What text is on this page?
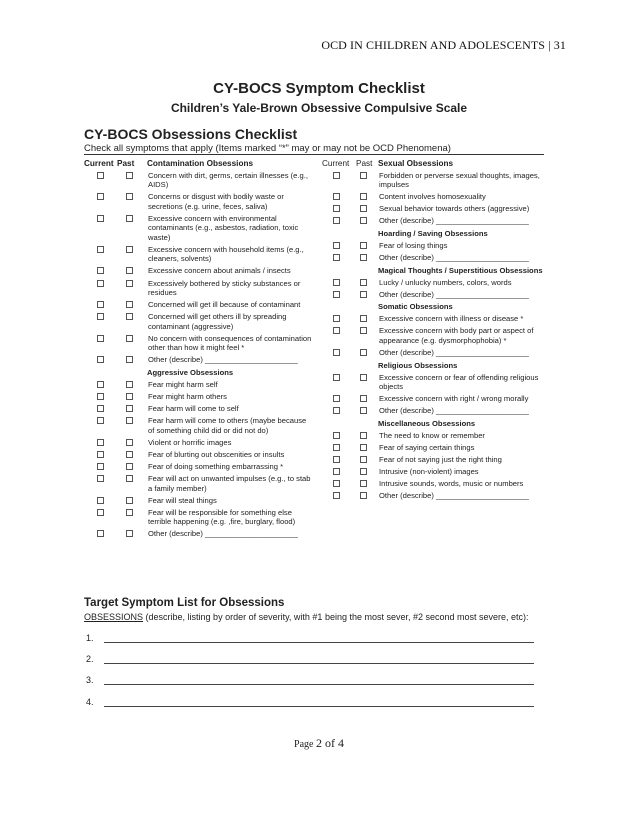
OCD IN CHILDREN AND ADOLESCENTS | 31
CY-BOCS Symptom Checklist
Children’s Yale-Brown Obsessive Compulsive Scale
CY-BOCS Obsessions Checklist
Check all symptoms that apply (Items marked “*” may or may not be OCD Phenomena)
Current Past	Contamination Obsessions
Concern with dirt, germs, certain illnesses (e.g., AIDS)
Concerns or disgust with bodily waste or secretions (e.g. urine, feces, saliva)
Excessive concern with environmental contaminants (e.g., asbestos, radiation, toxic waste)
Excessive concern with household items (e.g., cleaners, solvents)
Excessive concern about animals / insects
Excessively bothered by sticky substances or residues
Concerned will get ill because of contaminant
Concerned will get others ill by spreading contaminant (aggressive)
No concern with consequences of contamination other than how it might feel *
Other (describe) ______________________
Aggressive Obsessions
Fear might harm self
Fear might harm others
Fear harm will come to self
Fear harm will come to others (maybe because of something child did or did not do)
Violent or horrific images
Fear of blurting out obscenities or insults
Fear of doing something embarrassing *
Fear will act on unwanted impulses (e.g., to stab a family member)
Fear will steal things
Fear will be responsible for something else terrible happening (e.g. ,fire, burglary, flood)
Other (describe) ______________________
Current Past Sexual Obsessions
Forbidden or perverse sexual thoughts, images, impulses
Content involves homosexuality
Sexual behavior towards others (aggressive)
Other (describe) ______________________
Hoarding / Saving Obsessions
Fear of losing things
Other (describe) ______________________
Magical Thoughts / Superstitious Obsessions
Lucky / unlucky numbers, colors, words
Other (describe) ______________________
Somatic Obsessions
Excessive concern with illness or disease *
Excessive concern with body part or aspect of appearance (e.g. dysmorphophobia) *
Other (describe) ______________________
Religious Obsessions
Excessive concern or fear of offending religious objects
Excessive concern with right / wrong morally
Other (describe) ______________________
Miscellaneous Obsessions
The need to know or remember
Fear of saying certain things
Fear of not saying just the right thing
Intrusive (non-violent) images
Intrusive sounds, words, music or numbers
Other (describe) ______________________
Target Symptom List for Obsessions
OBSESSIONS (describe, listing by order of severity, with #1 being the most sever, #2 second most severe, etc):
1.
2.
3.
4.
Page 2 of 4
